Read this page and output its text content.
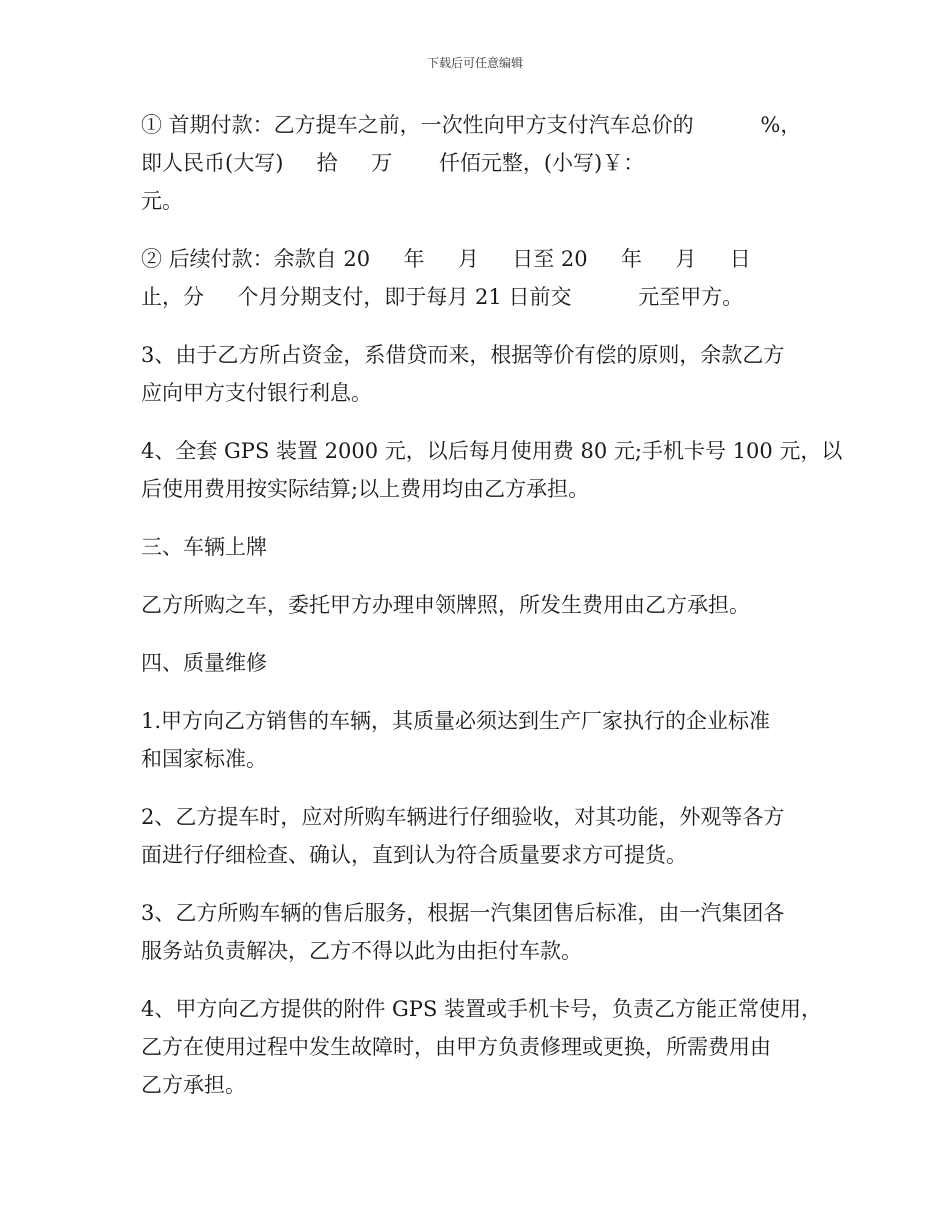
下载后可任意编辑
① 首期付款：乙方提车之前，一次性向甲方支付汽车总价的          %，
即人民币(大写)     拾     万       仟佰元整，(小写)￥：
元。
② 后续付款：余款自 20     年     月     日至 20     年     月     日
止，分     个月分期支付，即于每月 21 日前交          元至甲方。
3、由于乙方所占资金，系借贷而来，根据等价有偿的原则，余款乙方
应向甲方支付银行利息。
4、全套 GPS 装置 2000 元，以后每月使用费 80 元;手机卡号 100 元，以
后使用费用按实际结算;以上费用均由乙方承担。
三、车辆上牌
乙方所购之车，委托甲方办理申领牌照，所发生费用由乙方承担。
四、质量维修
1.甲方向乙方销售的车辆，其质量必须达到生产厂家执行的企业标准
和国家标准。
2、乙方提车时，应对所购车辆进行仔细验收，对其功能，外观等各方
面进行仔细检查、确认，直到认为符合质量要求方可提货。
3、乙方所购车辆的售后服务，根据一汽集团售后标准，由一汽集团各
服务站负责解决，乙方不得以此为由拒付车款。
4、甲方向乙方提供的附件 GPS 装置或手机卡号，负责乙方能正常使用，
乙方在使用过程中发生故障时，由甲方负责修理或更换，所需费用由
乙方承担。
